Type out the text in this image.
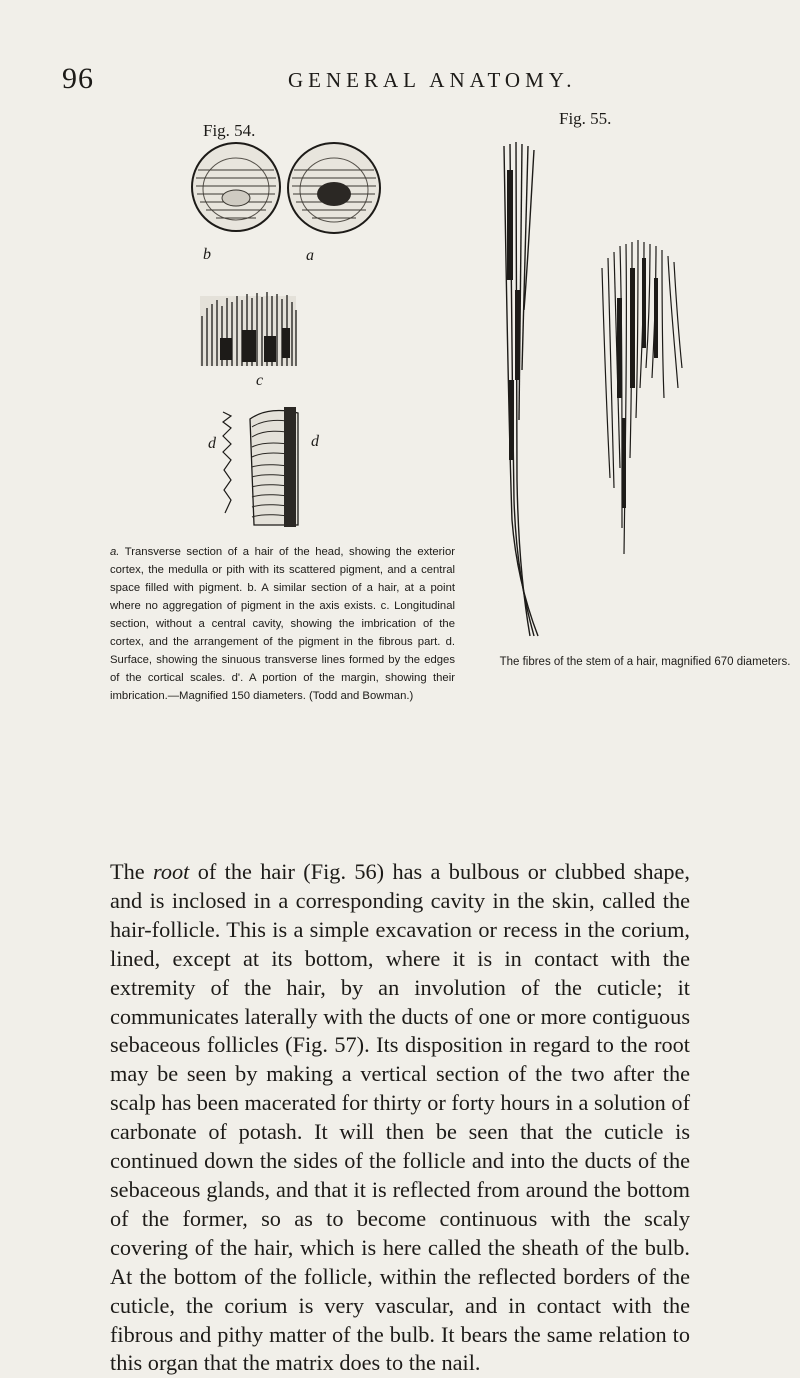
96	GENERAL ANATOMY.
Fig. 54.
b	a
c
d	d
a. Transverse section of a hair of the head, showing the exterior cortex, the medulla or pith with its scattered pigment, and a central space filled with pigment. b. A similar section of a hair, at a point where no aggregation of pigment in the axis exists. c. Longitudinal section, without a central cavity, showing the imbrication of the cortex, and the arrangement of the pigment in the fibrous part. d. Surface, showing the sinuous transverse lines formed by the edges of the cortical scales. d'. A portion of the margin, showing their imbrication.—Magnified 150 diameters. (Todd and Bowman.)
Fig. 55.
The fibres of the stem of a hair, magnified 670 diameters.

The root of the hair (Fig. 56) has a bulbous or clubbed shape, and is inclosed in a corresponding cavity in the skin, called the hair-follicle. This is a simple excavation or recess in the corium, lined, except at its bottom, where it is in contact with the extremity of the hair, by an involution of the cuticle; it communicates laterally with the ducts of one or more contiguous sebaceous follicles (Fig. 57). Its disposition in regard to the root may be seen by making a vertical section of the two after the scalp has been macerated for thirty or forty hours in a solution of carbonate of potash. It will then be seen that the cuticle is continued down the sides of the follicle and into the ducts of the sebaceous glands, and that it is reflected from around the bottom of the former, so as to become continuous with the scaly covering of the hair, which is here called the sheath of the bulb. At the bottom of the follicle, within the reflected borders of the cuticle, the corium is very vascular, and in contact with the fibrous and pithy matter of the bulb. It bears the same relation to this organ that the matrix does to the nail.
